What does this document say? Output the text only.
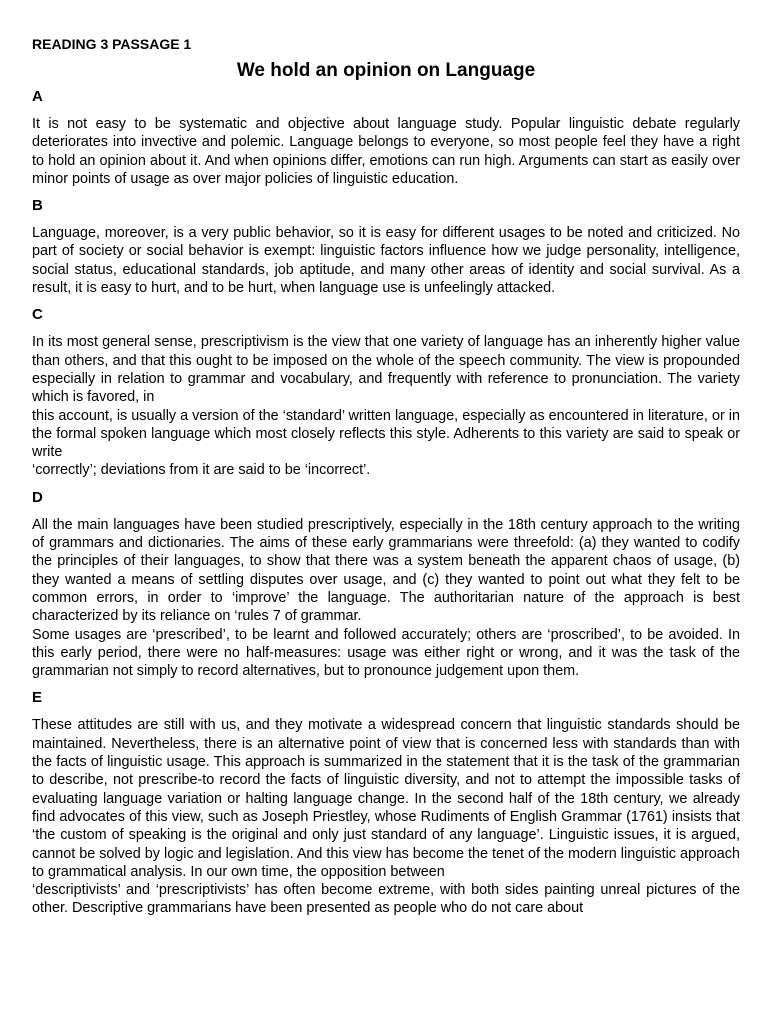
READING 3 PASSAGE 1
We hold an opinion on Language
A
It is not easy to be systematic and objective about language study. Popular linguistic debate regularly deteriorates into invective and polemic. Language belongs to everyone, so most people feel they have a right to hold an opinion about it. And when opinions differ, emotions can run high. Arguments can start as easily over minor points of usage as over major policies of linguistic education.
B
Language, moreover, is a very public behavior, so it is easy for different usages to be noted and criticized. No part of society or social behavior is exempt: linguistic factors influence how we judge personality, intelligence, social status, educational standards, job aptitude, and many other areas of identity and social survival. As a result, it is easy to hurt, and to be hurt, when language use is unfeelingly attacked.
C
In its most general sense, prescriptivism is the view that one variety of language has an inherently higher value than others, and that this ought to be imposed on the whole of the speech community. The view is propounded especially in relation to grammar and vocabulary, and frequently with reference to pronunciation. The variety which is favored, in
this account, is usually a version of the ‘standard’ written language, especially as encountered in literature, or in the formal spoken language which most closely reflects this style. Adherents to this variety are said to speak or write
‘correctly’; deviations from it are said to be ‘incorrect’.
D
All the main languages have been studied prescriptively, especially in the 18th century approach to the writing of grammars and dictionaries. The aims of these early grammarians were threefold: (a) they wanted to codify the principles of their languages, to show that there was a system beneath the apparent chaos of usage, (b) they wanted a means of settling disputes over usage, and (c) they wanted to point out what they felt to be common errors, in order to ‘improve’ the language. The authoritarian nature of the approach is best characterized by its reliance on ‘rules 7 of grammar.
Some usages are ‘prescribed’, to be learnt and followed accurately; others are ‘proscribed’, to be avoided. In this early period, there were no half-measures: usage was either right or wrong, and it was the task of the grammarian not simply to record alternatives, but to pronounce judgement upon them.
E
These attitudes are still with us, and they motivate a widespread concern that linguistic standards should be maintained. Nevertheless, there is an alternative point of view that is concerned less with standards than with the facts of linguistic usage. This approach is summarized in the statement that it is the task of the grammarian to describe, not prescribe-to record the facts of linguistic diversity, and not to attempt the impossible tasks of evaluating language variation or halting language change. In the second half of the 18th century, we already find advocates of this view, such as Joseph Priestley, whose Rudiments of English Grammar (1761) insists that ‘the custom of speaking is the original and only just standard of any language’. Linguistic issues, it is argued, cannot be solved by logic and legislation. And this view has become the tenet of the modern linguistic approach to grammatical analysis. In our own time, the opposition between
‘descriptivists’ and ‘prescriptivists’ has often become extreme, with both sides painting unreal pictures of the other. Descriptive grammarians have been presented as people who do not care about
